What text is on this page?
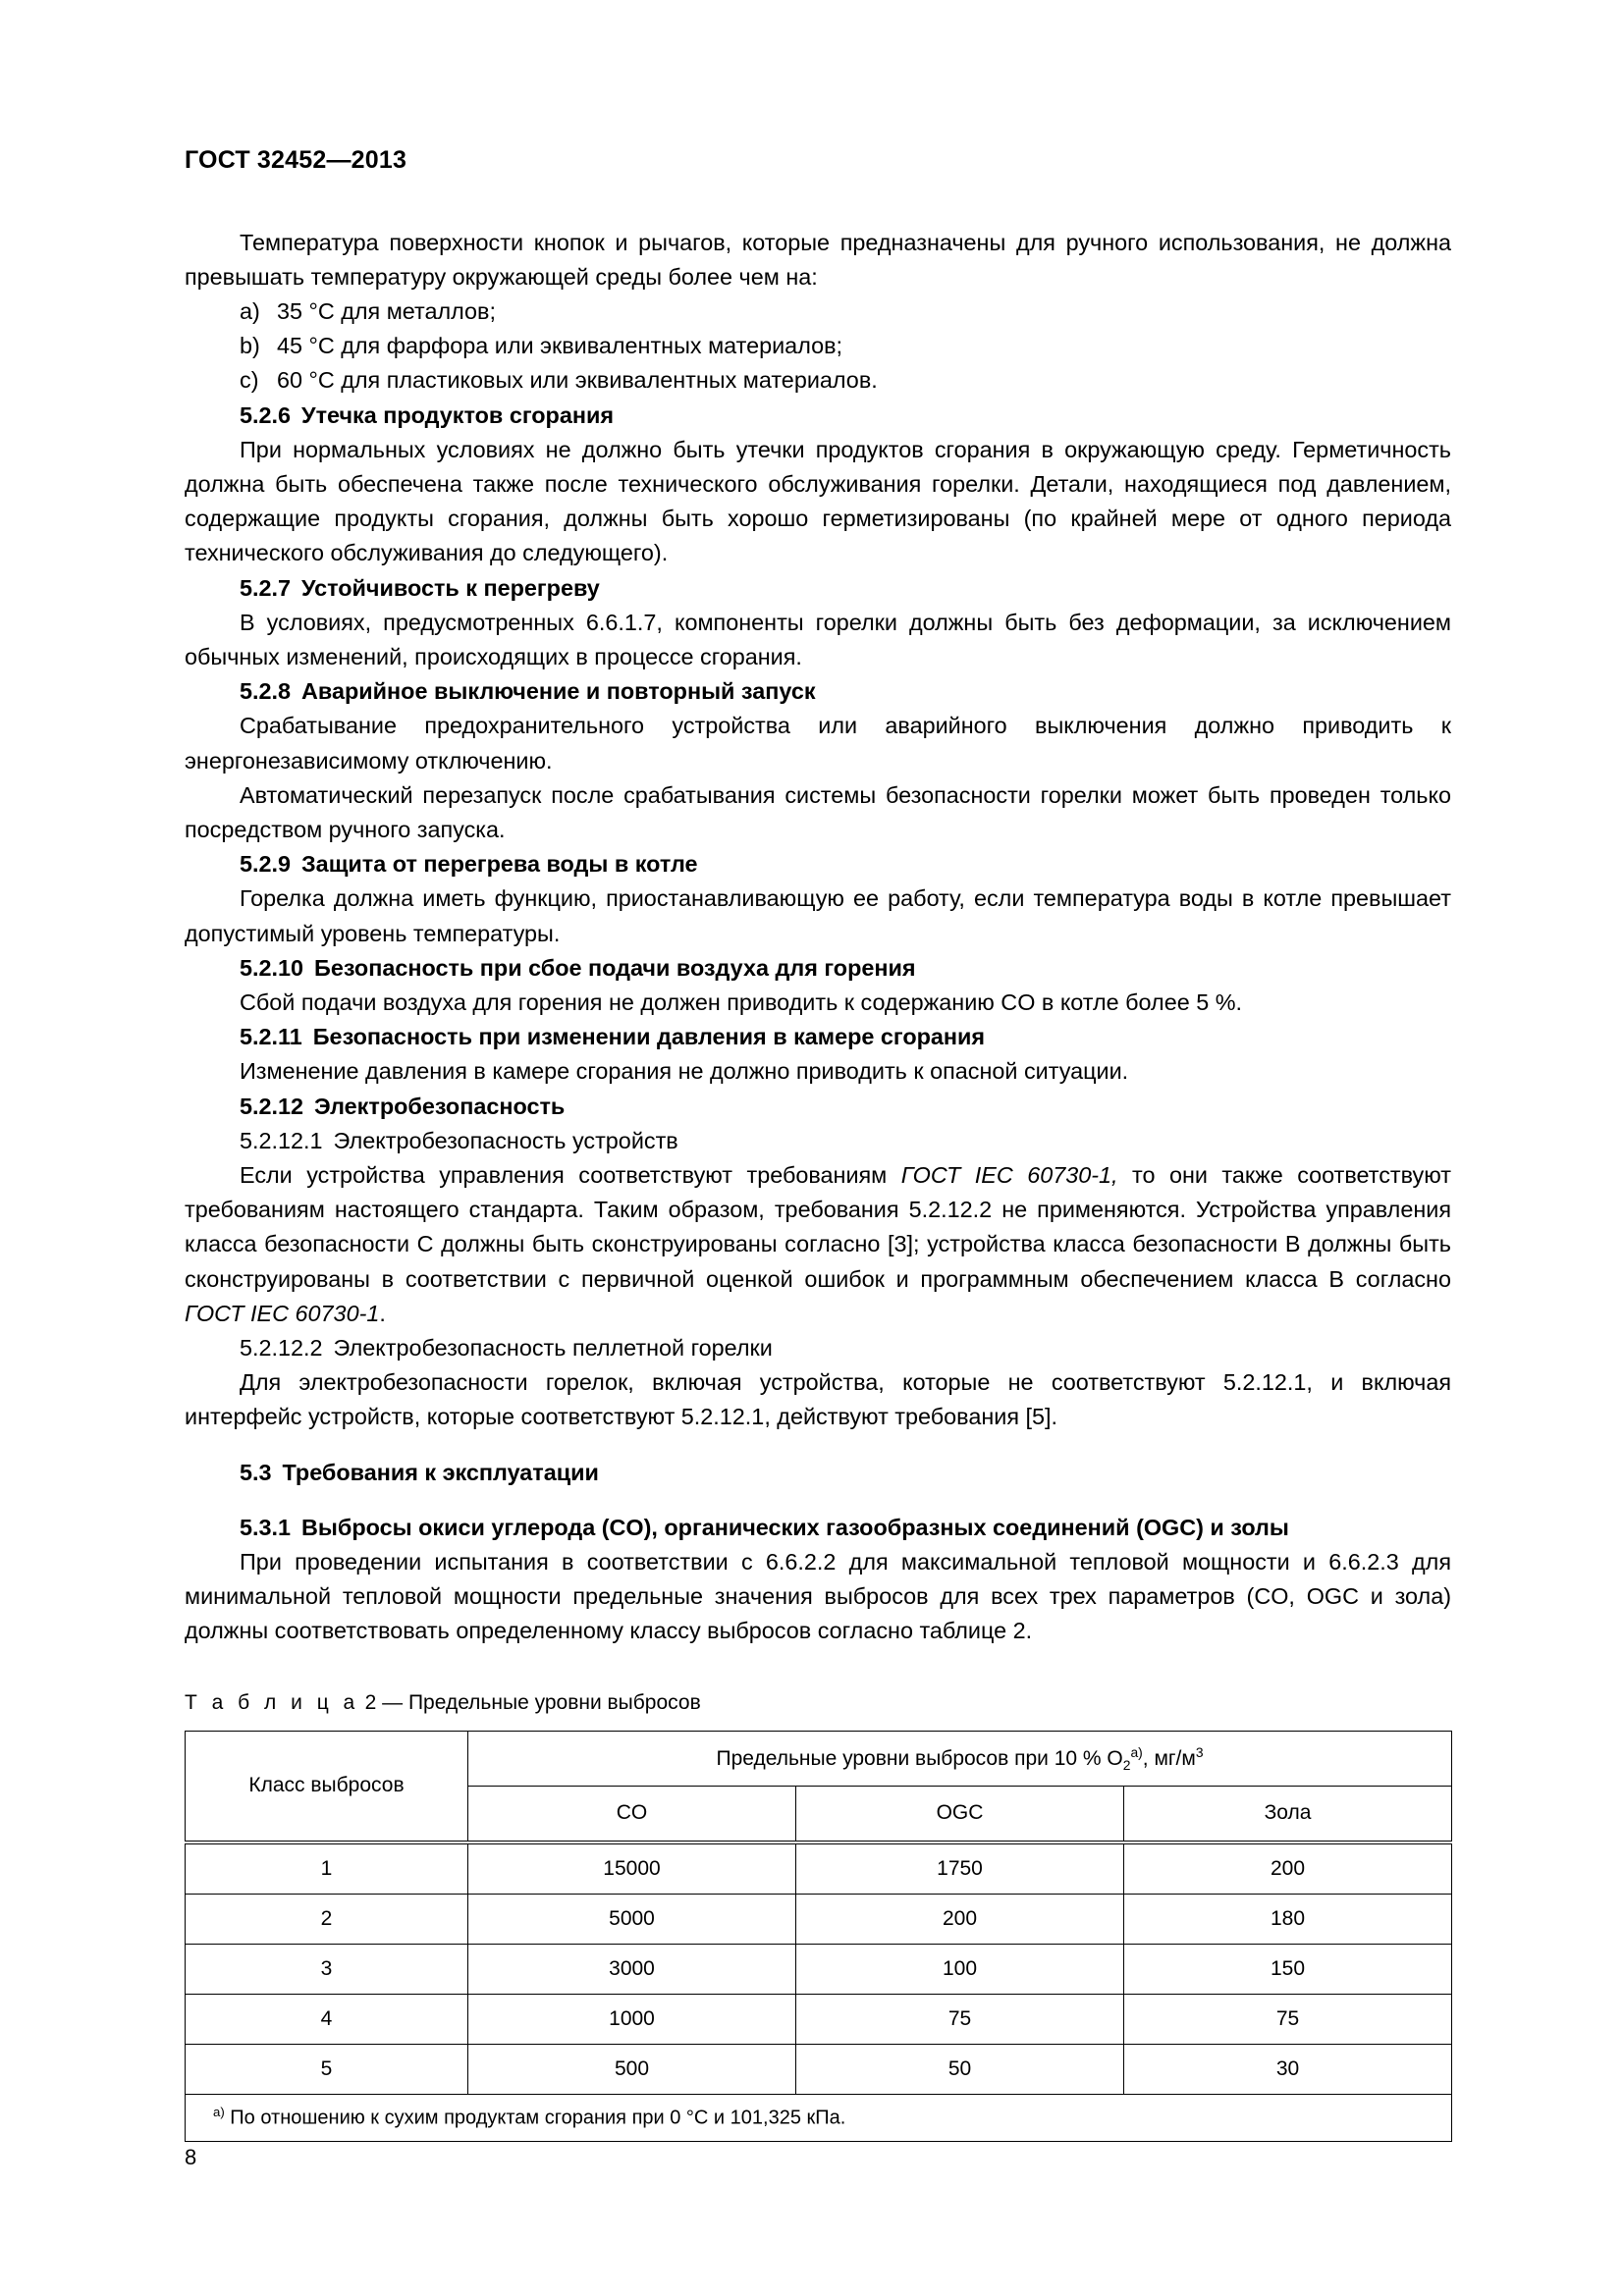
ГОСТ 32452—2013

Температура поверхности кнопок и рычагов, которые предназначены для ручного использования, не должна превышать температуру окружающей среды более чем на:

a) 35 °C для металлов;
b) 45 °C для фарфора или эквивалентных материалов;
c) 60 °C для пластиковых или эквивалентных материалов.
5.2.6 Утечка продуктов сгорания

При нормальных условиях не должно быть утечки продуктов сгорания в окружающую среду. Герметичность должна быть обеспечена также после технического обслуживания горелки. Детали, находящиеся под давлением, содержащие продукты сгорания, должны быть хорошо герметизированы (по крайней мере от одного периода технического обслуживания до следующего).

5.2.7 Устойчивость к перегреву

В условиях, предусмотренных 6.6.1.7, компоненты горелки должны быть без деформации, за исключением обычных изменений, происходящих в процессе сгорания.

5.2.8 Аварийное выключение и повторный запуск

Срабатывание предохранительного устройства или аварийного выключения должно приводить к энергонезависимому отключению.

Автоматический перезапуск после срабатывания системы безопасности горелки может быть проведен только посредством ручного запуска.

5.2.9 Защита от перегрева воды в котле

Горелка должна иметь функцию, приостанавливающую ее работу, если температура воды в котле превышает допустимый уровень температуры.

5.2.10 Безопасность при сбое подачи воздуха для горения

Сбой подачи воздуха для горения не должен приводить к содержанию CO в котле более 5 %.

5.2.11 Безопасность при изменении давления в камере сгорания

Изменение давления в камере сгорания не должно приводить к опасной ситуации.

5.2.12 Электробезопасность
5.2.12.1 Электробезопасность устройств

Если устройства управления соответствуют требованиям ГОСТ IEC 60730-1, то они также соответствуют требованиям настоящего стандарта. Таким образом, требования 5.2.12.2 не применяются. Устройства управления класса безопасности C должны быть сконструированы согласно [3]; устройства класса безопасности B должны быть сконструированы в соответствии с первичной оценкой ошибок и программным обеспечением класса B согласно ГОСТ IEC 60730-1.

5.2.12.2 Электробезопасность пеллетной горелки

Для электробезопасности горелок, включая устройства, которые не соответствуют 5.2.12.1, и включая интерфейс устройств, которые соответствуют 5.2.12.1, действуют требования [5].

5.3 Требования к эксплуатации
5.3.1 Выбросы окиси углерода (CO), органических газообразных соединений (OGC) и золы

При проведении испытания в соответствии с 6.6.2.2 для максимальной тепловой мощности и 6.6.2.3 для минимальной тепловой мощности предельные значения выбросов для всех трех параметров (CO, OGC и зола) должны соответствовать определенному классу выбросов согласно таблице 2.

Т а б л и ц а 2 — Предельные уровни выбросов
Класс выбросов	Предельные уровни выбросов при 10 % $O_2^{a)}$, мг/м$^3$
	CO	OGC	Зола
1	15000	1750	200
2	5000	200	180
3	3000	100	150
4	1000	75	75
5	500	50	30
$^{a)}$ По отношению к сухим продуктам сгорания при 0 °C и 101,325 кПа.			
8
